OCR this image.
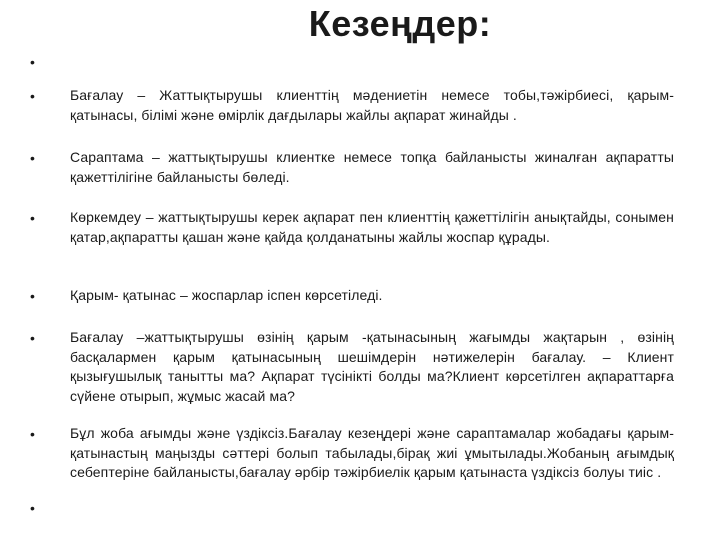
Кезеңдер:
•
•	Бағалау – Жаттықтырушы клиенттің мәдениетін немесе тобы,тәжірбиесі, қарым- қатынасы, білімі және өмірлік дағдылары жайлы ақпарат жинайды .
•	Сараптама – жаттықтырушы клиентке немесе топқа байланысты жиналған ақпаратты қажеттілігіне байланысты бөледі.
•	Көркемдеу – жаттықтырушы керек ақпарат пен клиенттің қажеттілігін анықтайды, сонымен қатар,ақпаратты қашан және қайда қолданатыны жайлы жоспар құрады.
•	Қарым- қатынас – жоспарлар іспен көрсетіледі.
•	Бағалау –жаттықтырушы өзінің қарым -қатынасының жағымды жақтарын , өзінің басқалармен қарым қатынасының шешімдерін нәтижелерін бағалау. – Клиент қызығушылық танытты ма? Ақпарат түсінікті болды ма?Клиент көрсетілген ақпараттарға сүйене отырып, жұмыс жасай ма?
•	Бұл жоба ағымды және үздіксіз.Бағалау кезеңдері және сараптамалар жобадағы қарым- қатынастың маңызды сәттері болып табылады,бірақ жиі ұмытылады.Жобаның ағымдық себептеріне байланысты,бағалау әрбір тәжірбиелік қарым қатынаста үздіксіз болуы тиіс .
•
